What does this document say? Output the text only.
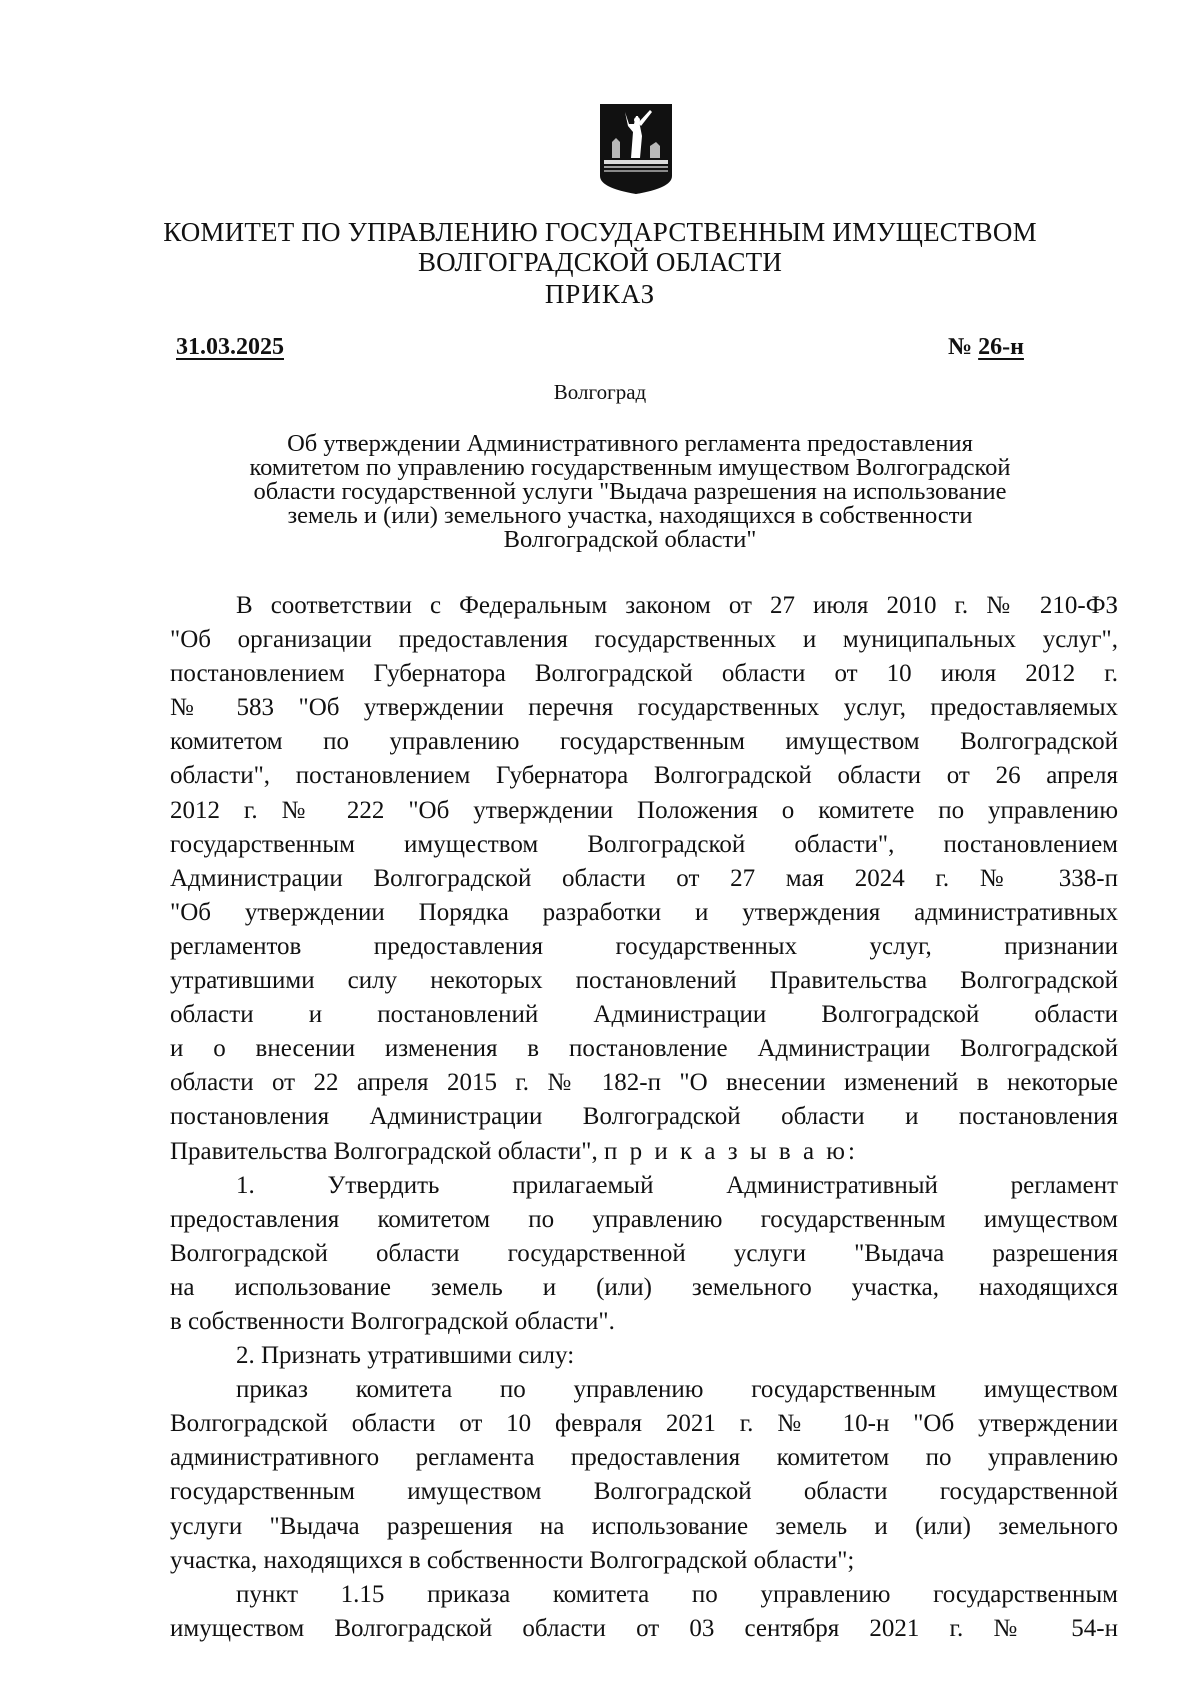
КОМИТЕТ ПО УПРАВЛЕНИЮ ГОСУДАРСТВЕННЫМ ИМУЩЕСТВОМ
ВОЛГОГРАДСКОЙ ОБЛАСТИ
ПРИКАЗ
31.03.2025	№ 26-н
Волгоград
Об утверждении Административного регламента предоставления
комитетом по управлению государственным имуществом Волгоградской
области государственной услуги "Выдача разрешения на использование
земель и (или) земельного участка, находящихся в собственности
Волгоградской области"
В соответствии с Федеральным законом от 27 июля 2010 г. № 210-ФЗ
"Об организации предоставления государственных и муниципальных услуг",
постановлением Губернатора Волгоградской области от 10 июля 2012 г.
№ 583 "Об утверждении перечня государственных услуг, предоставляемых
комитетом по управлению государственным имуществом Волгоградской
области", постановлением Губернатора Волгоградской области от 26 апреля
2012 г. № 222 "Об утверждении Положения о комитете по управлению
государственным имуществом Волгоградской области", постановлением
Администрации Волгоградской области от 27 мая 2024 г. № 338-п
"Об утверждении Порядка разработки и утверждения административных
регламентов предоставления государственных услуг, признании
утратившими силу некоторых постановлений Правительства Волгоградской
области и постановлений Администрации Волгоградской области
и о внесении изменения в постановление Администрации Волгоградской
области от 22 апреля 2015 г. № 182-п "О внесении изменений в некоторые
постановления Администрации Волгоградской области и постановления
Правительства Волгоградской области", п р и к а з ы в а ю:
1. Утвердить прилагаемый Административный регламент
предоставления комитетом по управлению государственным имуществом
Волгоградской области государственной услуги "Выдача разрешения
на использование земель и (или) земельного участка, находящихся
в собственности Волгоградской области".
2. Признать утратившими силу:
приказ комитета по управлению государственным имуществом
Волгоградской области от 10 февраля 2021 г. № 10-н "Об утверждении
административного регламента предоставления комитетом по управлению
государственным имуществом Волгоградской области государственной
услуги "Выдача разрешения на использование земель и (или) земельного
участка, находящихся в собственности Волгоградской области";
пункт 1.15 приказа комитета по управлению государственным
имуществом Волгоградской области от 03 сентября 2021 г. № 54-н
